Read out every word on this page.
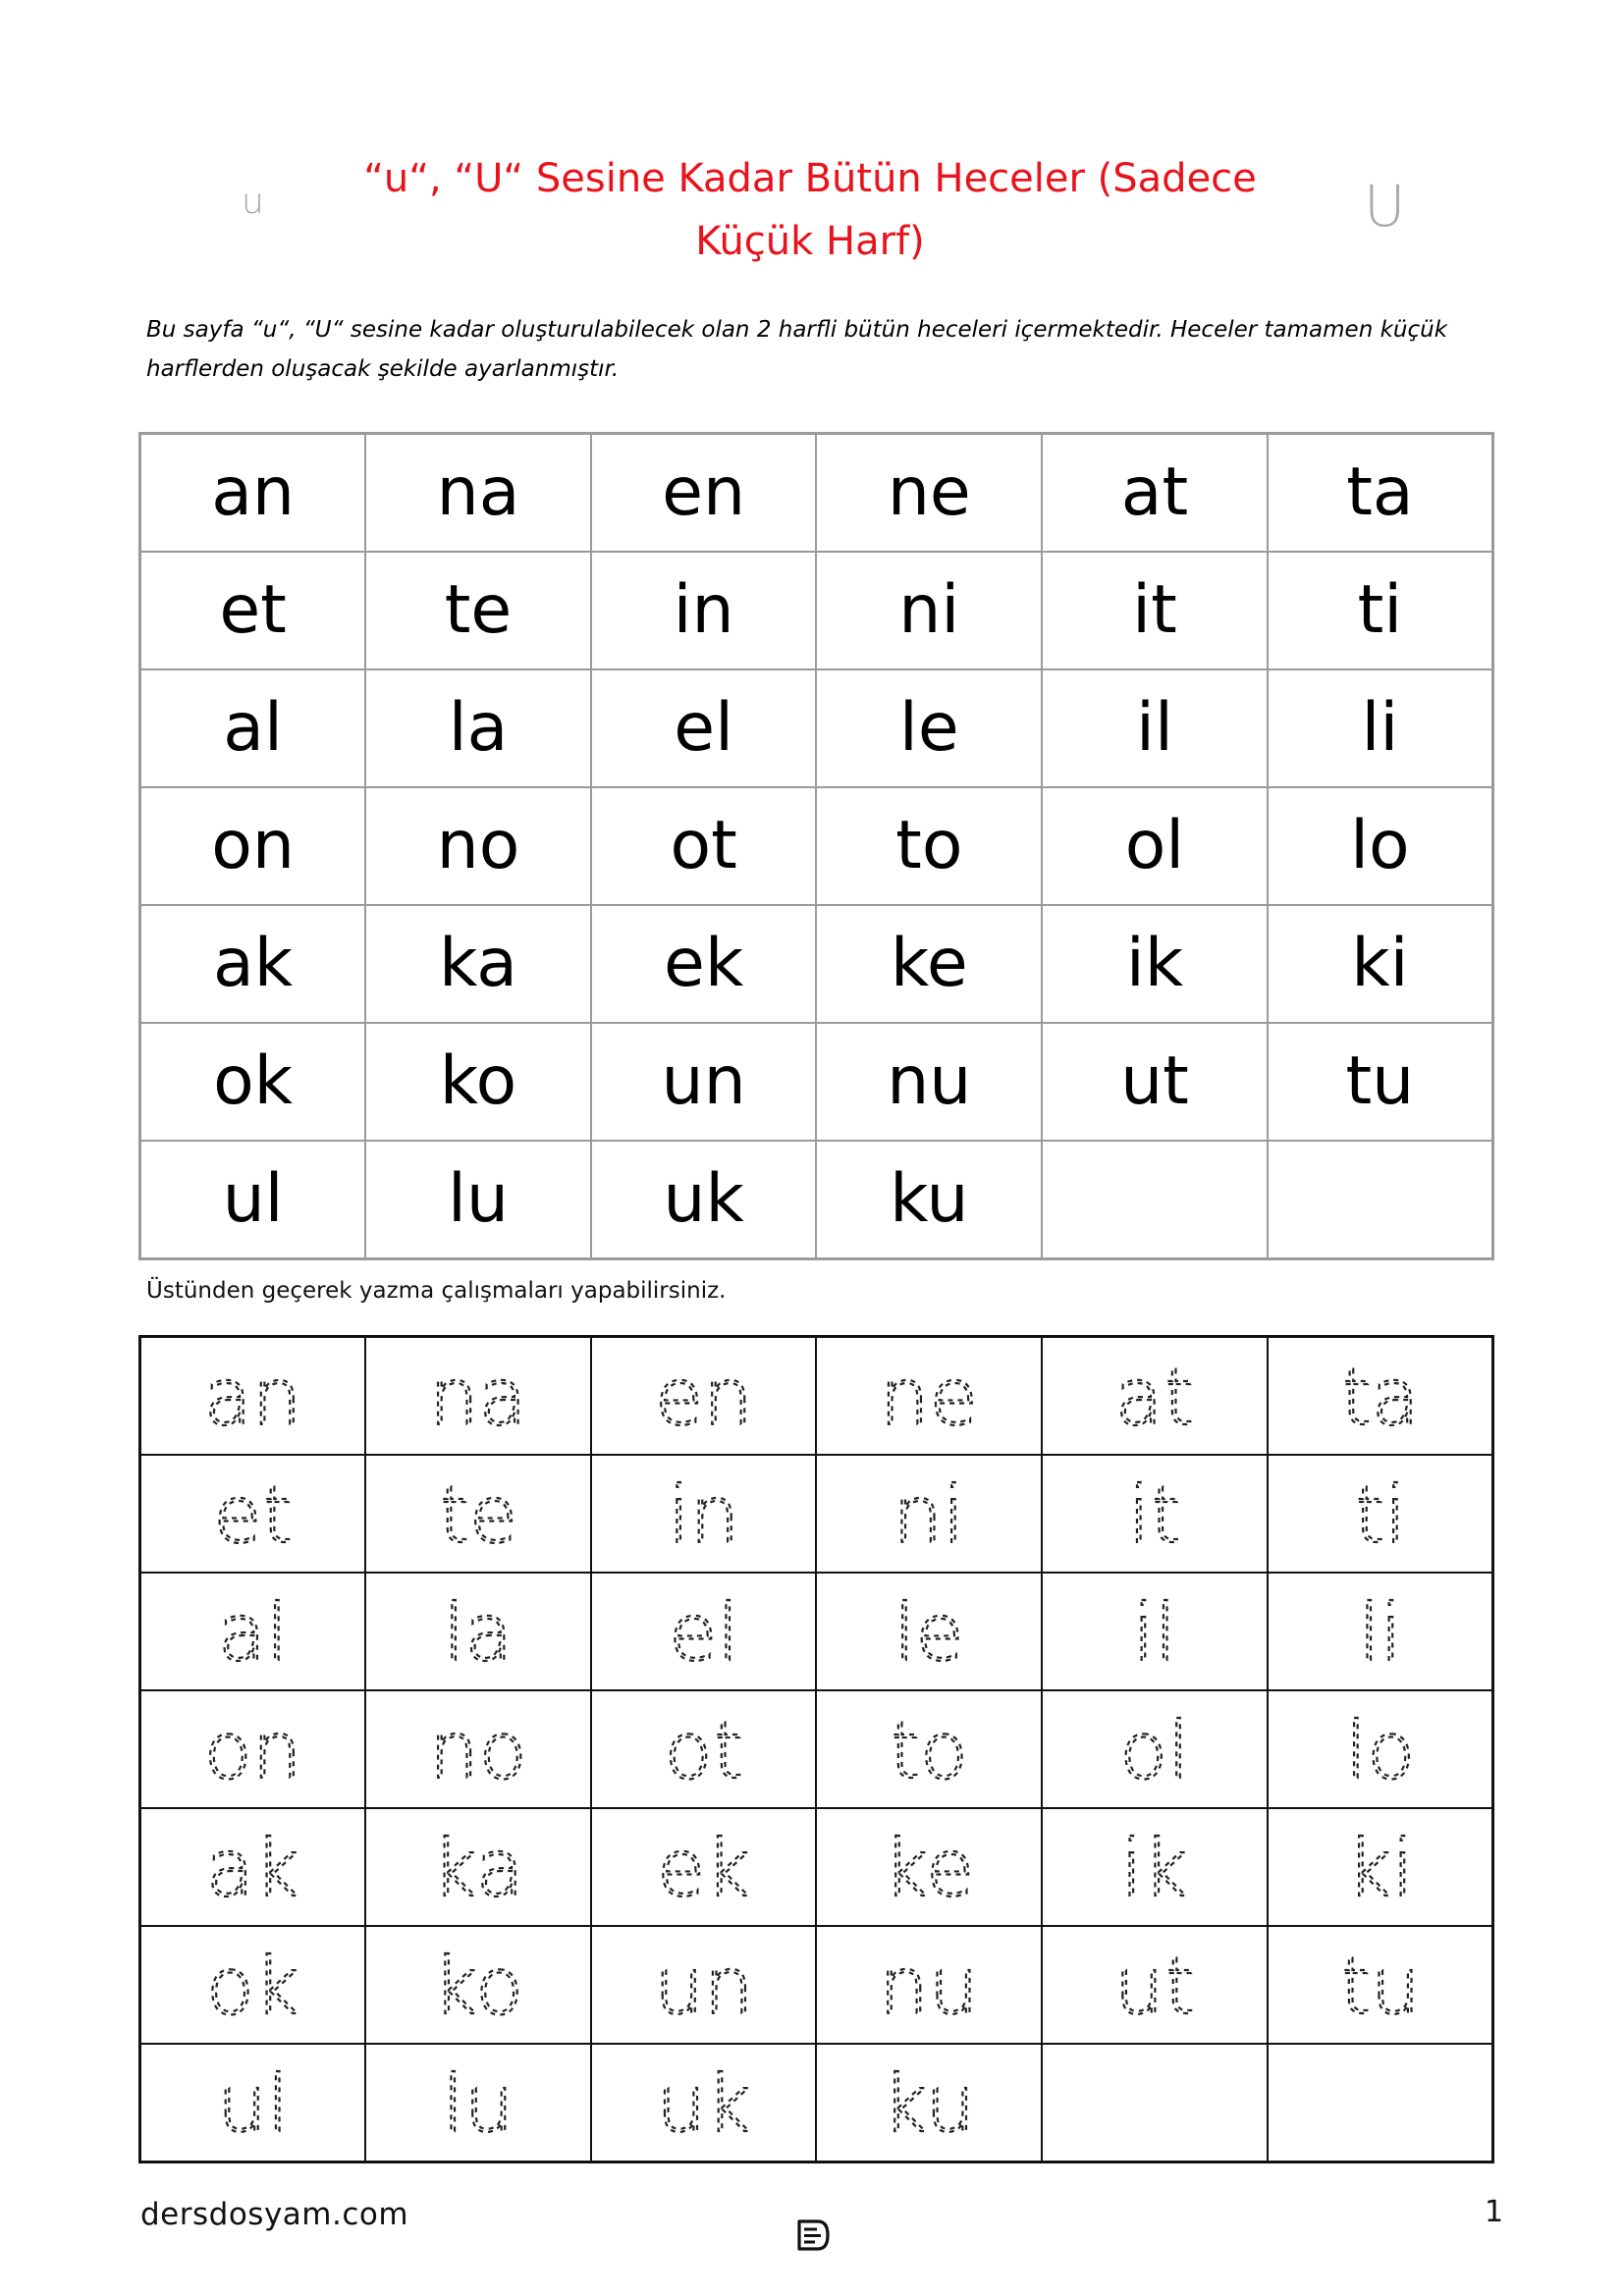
u	U
“u“, “U“ Sesine Kadar Bütün Heceler (Sadece
Küçük Harf)
Bu sayfa “u“, “U“ sesine kadar oluşturulabilecek olan 2 harfli bütün heceleri içermektedir. Heceler tamamen küçük harflerden oluşacak şekilde ayarlanmıştır.
an	na	en	ne	at	ta
et	te	in	ni	it	ti
al	la	el	le	il	li
on	no	ot	to	ol	lo
ak	ka	ek	ke	ik	ki
ok	ko	un	nu	ut	tu
ul	lu	uk	ku		
Üstünden geçerek yazma çalışmaları yapabilirsiniz.
an	na	en	ne	at	ta

et	te	in	ni	it	ti

al	la	el	le	il	li

on	no	ot	to	ol	lo

ak	ka	ek	ke	ik	ki

ok	ko	un	nu	ut	tu

ul	lu	uk	ku

dersdosyam.com	1
